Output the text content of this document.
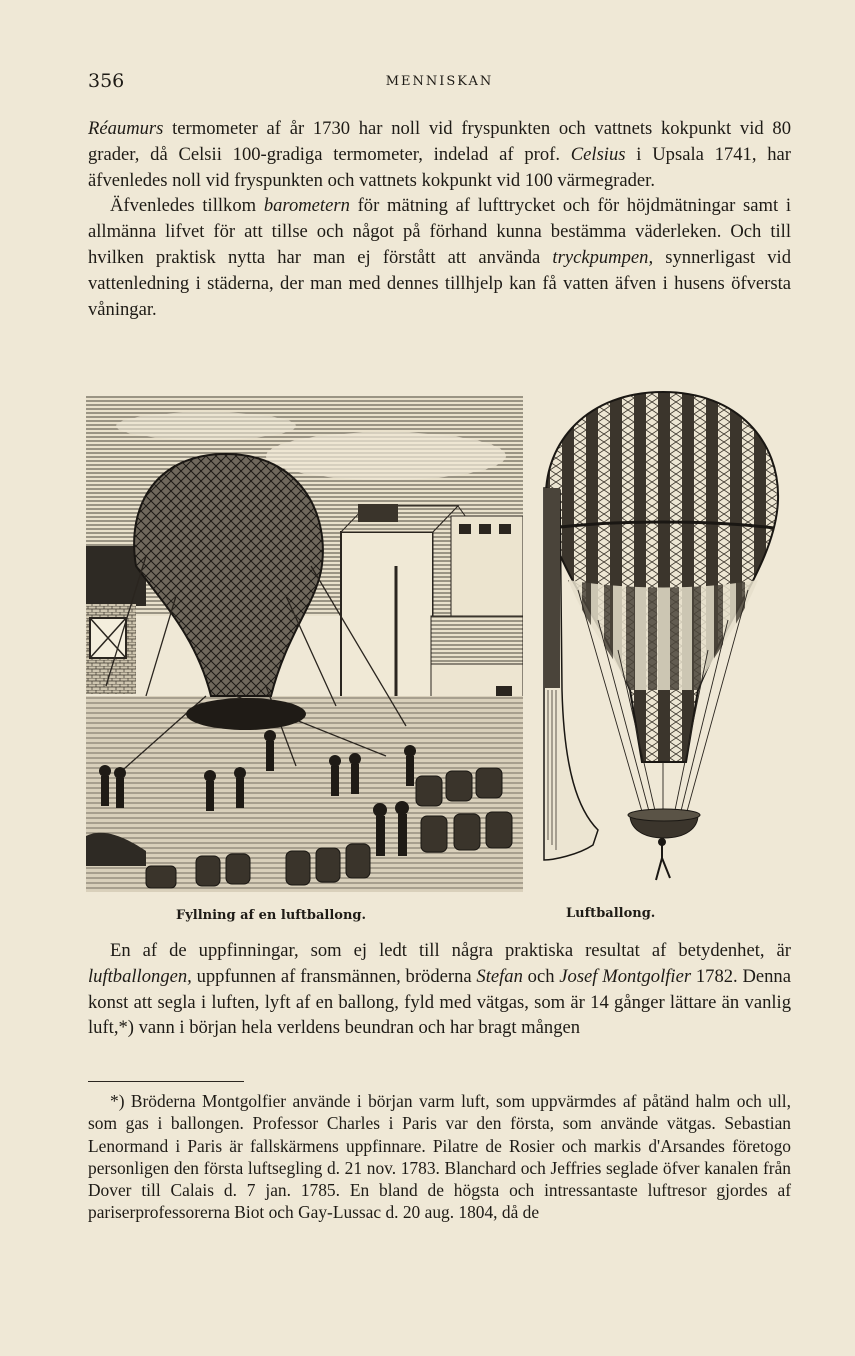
356	MENNISKAN

Réaumurs termometer af år 1730 har noll vid fryspunkten och vattnets kokpunkt vid 80 grader, då Celsii 100-gradiga termometer, indelad af prof. Celsius i Upsala 1741, har äfvenledes noll vid fryspunkten och vattnets kokpunkt vid 100 värmegrader.

Äfvenledes tillkom barometern för mätning af lufttrycket och för höjdmätningar samt i allmänna lifvet för att tillse och något på förhand kunna bestämma väderleken. Och till hvilken praktisk nytta har man ej förstått att använda tryckpumpen, synnerligast vid vattenledning i städerna, der man med dennes tillhjelp kan få vatten äfven i husens öfversta våningar.

Fyllning af en luftballong.	Luftballong.

En af de uppfinningar, som ej ledt till några praktiska resultat af betydenhet, är luftballongen, uppfunnen af fransmännen, bröderna Stefan och Josef Montgolfier 1782. Denna konst att segla i luften, lyft af en ballong, fyld med vätgas, som är 14 gånger lättare än vanlig luft,*) vann i början hela verldens beundran och har bragt mången

*) Bröderna Montgolfier använde i början varm luft, som uppvärmdes af påtänd halm och ull, som gas i ballongen. Professor Charles i Paris var den första, som använde vätgas. Sebastian Lenormand i Paris är fallskärmens uppfinnare. Pilatre de Rosier och markis d'Arsandes företogo personligen den första luftsegling d. 21 nov. 1783. Blanchard och Jeffries seglade öfver kanalen från Dover till Calais d. 7 jan. 1785. En bland de högsta och intressantaste luftresor gjordes af pariserprofessorerna Biot och Gay-Lussac d. 20 aug. 1804, då de
